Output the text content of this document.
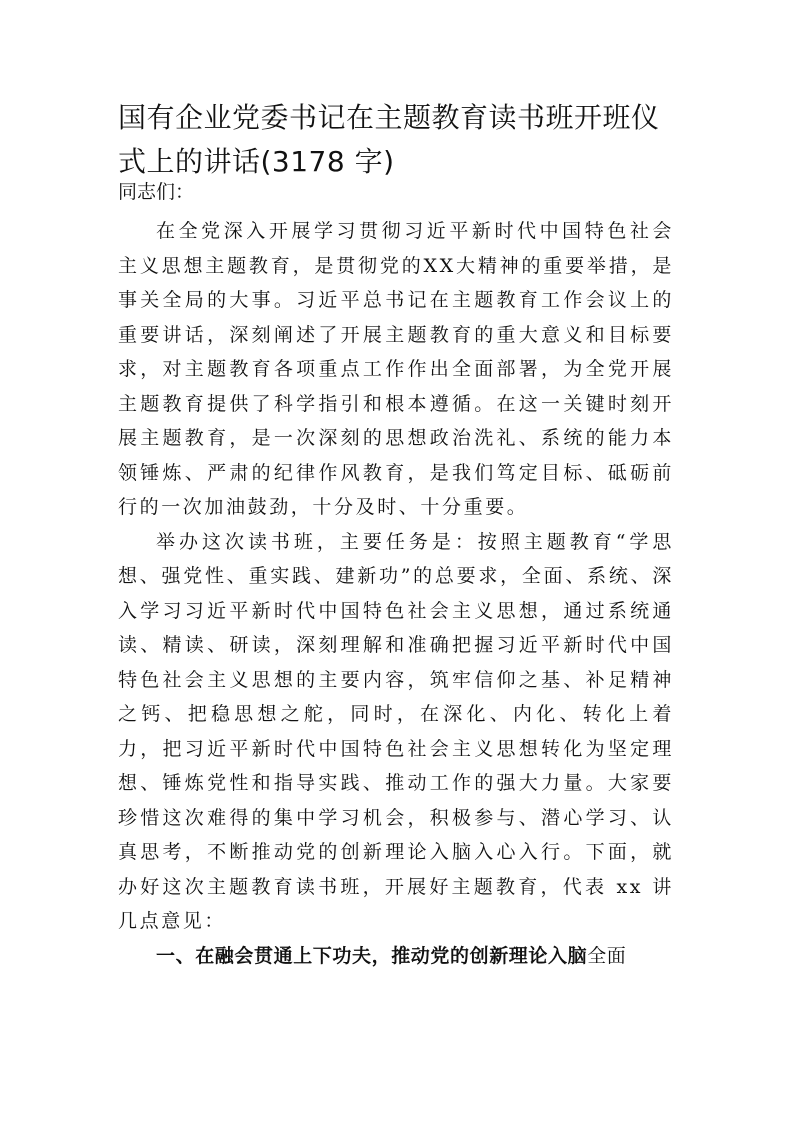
国有企业党委书记在主题教育读书班开班仪式上的讲话(3178 字)

同志们：

在全党深入开展学习贯彻习近平新时代中国特色社会主义思想主题教育，是贯彻党的XX大精神的重要举措，是事关全局的大事。习近平总书记在主题教育工作会议上的重要讲话，深刻阐述了开展主题教育的重大意义和目标要求，对主题教育各项重点工作作出全面部署，为全党开展主题教育提供了科学指引和根本遵循。在这一关键时刻开展主题教育，是一次深刻的思想政治洗礼、系统的能力本领锤炼、严肃的纪律作风教育，是我们笃定目标、砥砺前行的一次加油鼓劲，十分及时、十分重要。

举办这次读书班，主要任务是：按照主题教育“学思想、强党性、重实践、建新功”的总要求，全面、系统、深入学习习近平新时代中国特色社会主义思想，通过系统通读、精读、研读，深刻理解和准确把握习近平新时代中国特色社会主义思想的主要内容，筑牢信仰之基、补足精神之钙、把稳思想之舵，同时，在深化、内化、转化上着力，把习近平新时代中国特色社会主义思想转化为坚定理想、锤炼党性和指导实践、推动工作的强大力量。大家要珍惜这次难得的集中学习机会，积极参与、潜心学习、认真思考，不断推动党的创新理论入脑入心入行。下面，就办好这次主题教育读书班，开展好主题教育，代表 xx 讲几点意见：

一、在融会贯通上下功夫，推动党的创新理论入脑全面
